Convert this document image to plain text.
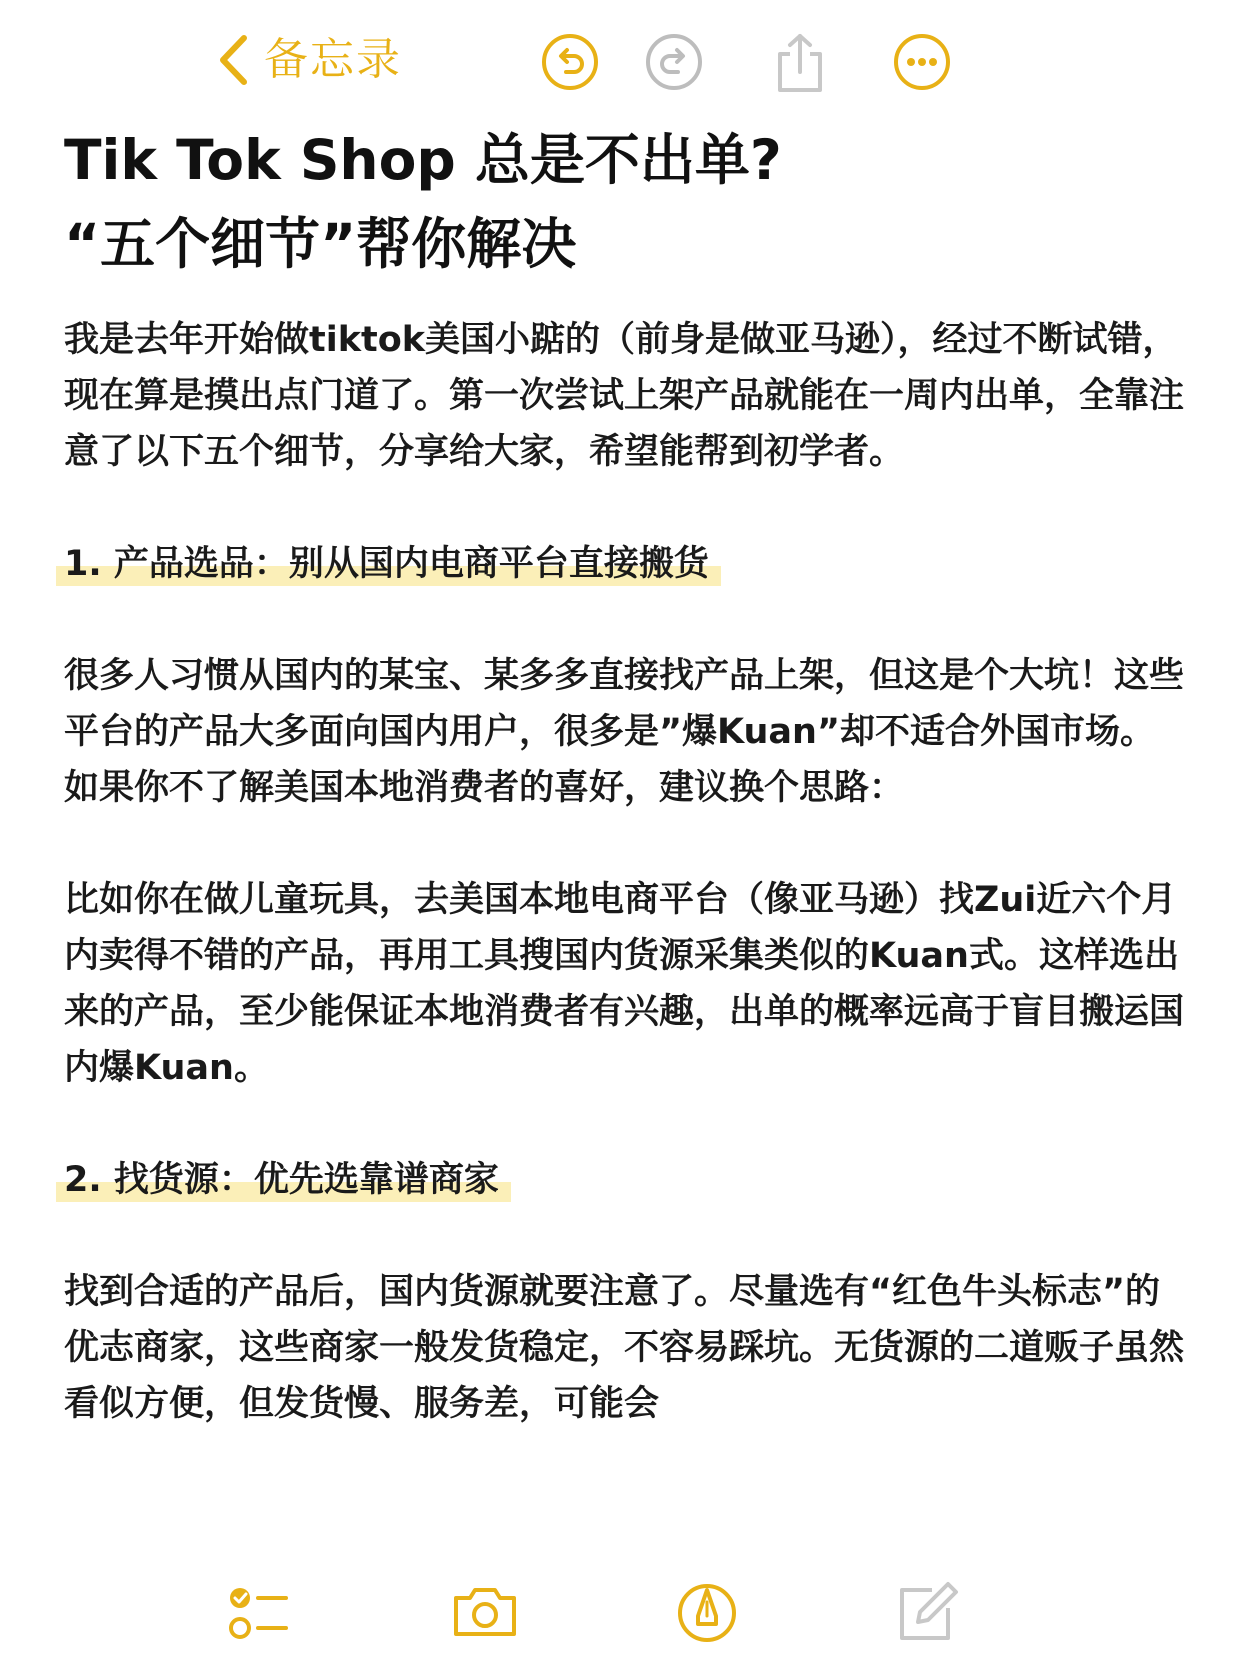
备忘录
Tik Tok Shop 总是不出单?
“五个细节”帮你解决

我是去年开始做tiktok美国小踮的（前身是做亚马逊），经过不断试错，现在算是摸出点门道了。第一次尝试上架产品就能在一周内出单，全靠注意了以下五个细节，分享给大家，希望能帮到初学者。

1. 产品选品：别从国内电商平台直接搬货

很多人习惯从国内的某宝、某多多直接找产品上架，但这是个大坑！这些平台的产品大多面向国内用户，很多是”爆Kuan”却不适合外国市场。如果你不了解美国本地消费者的喜好，建议换个思路：

比如你在做儿童玩具，去美国本地电商平台（像亚马逊）找Zui近六个月内卖得不错的产品，再用工具搜国内货源采集类似的Kuan式。这样选出来的产品，至少能保证本地消费者有兴趣，出单的概率远高于盲目搬运国内爆Kuan。

2. 找货源：优先选靠谱商家

找到合适的产品后，国内货源就要注意了。尽量选有“红色牛头标志”的优志商家，这些商家一般发货稳定，不容易踩坑。无货源的二道贩子虽然看似方便，但发货慢、服务差，可能会
